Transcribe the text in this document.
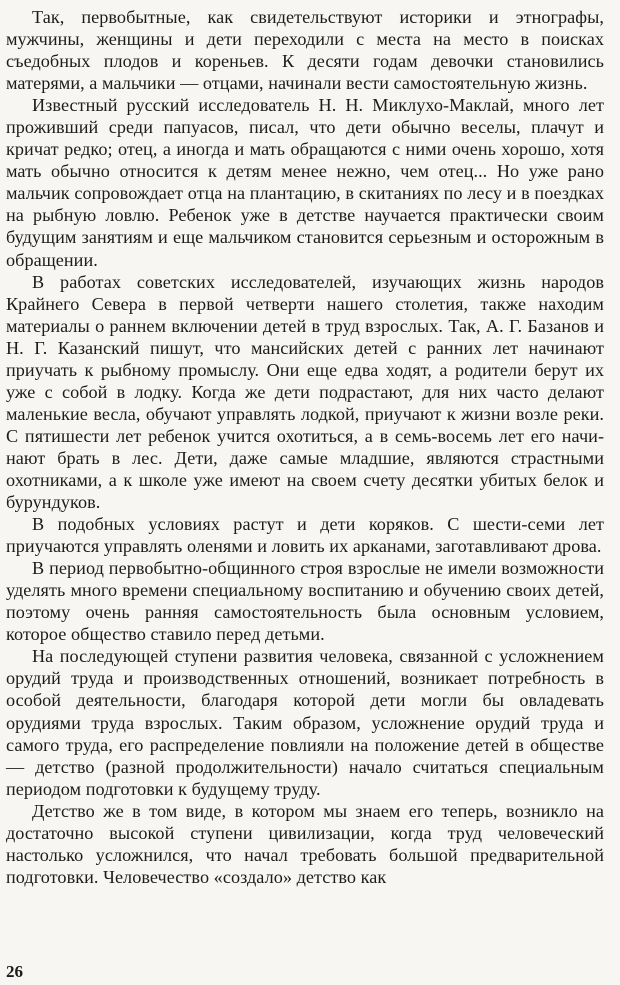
Так, первобытные, как свидетельствуют историки и этнографы, мужчины, женщины и дети переходили с места на место в поисках съедобных плодов и кореньев. К десяти годам девочки становились матерями, а мальчики — отцами, начинали вести самостоятельную жизнь.

Известный русский исследователь Н. Н. Миклухо-Маклай, много лет проживший среди папуасов, писал, что дети обычно веселы, плачут и кричат редко; отец, а иногда и мать обращаются с ними очень хорошо, хотя мать обычно относится к детям менее нежно, чем отец... Но уже рано мальчик сопровождает отца на плантацию, в скитаниях по лесу и в поездках на рыбную ловлю. Ребенок уже в детстве научается практически своим будущим занятиям и еще мальчиком становится серьезным и осторожным в обращении.

В работах советских исследователей, изучающих жизнь народов Крайнего Севера в первой четверти нашего столетия, также находим материалы о раннем включении детей в труд взрослых. Так, А. Г. Базанов и Н. Г. Казанский пишут, что мансийских детей с ранних лет начинают приучать к рыбному промыслу. Они еще едва ходят, а родители берут их уже с собой в лодку. Когда же дети подрастают, для них часто делают маленькие весла, обучают управлять лодкой, приучают к жизни возле реки. С пятишести лет ребенок учится охотиться, а в семь-восемь лет его начинают брать в лес. Дети, даже самые младшие, являются страстными охотниками, а к школе уже имеют на своем счету десятки убитых белок и бурундуков.

В подобных условиях растут и дети коряков. С шести-семи лет приучаются управлять оленями и ловить их арканами, заготавливают дрова.

В период первобытно-общинного строя взрослые не имели возможности уделять много времени специальному воспитанию и обучению своих детей, поэтому очень ранняя самостоятельность была основным условием, которое общество ставило перед детьми.

На последующей ступени развития человека, связанной с усложнением орудий труда и производственных отношений, возникает потребность в особой деятельности, благодаря которой дети могли бы овладевать орудиями труда взрослых. Таким образом, усложнение орудий труда и самого труда, его распределение повлияли на положение детей в обществе — детство (разной продолжительности) начало считаться специальным периодом подготовки к будущему труду.

Детство же в том виде, в котором мы знаем его теперь, возникло на достаточно высокой ступени цивилизации, когда труд человеческий настолько усложнился, что начал требовать большой предварительной подготовки. Человечество «создало» детство как

26
